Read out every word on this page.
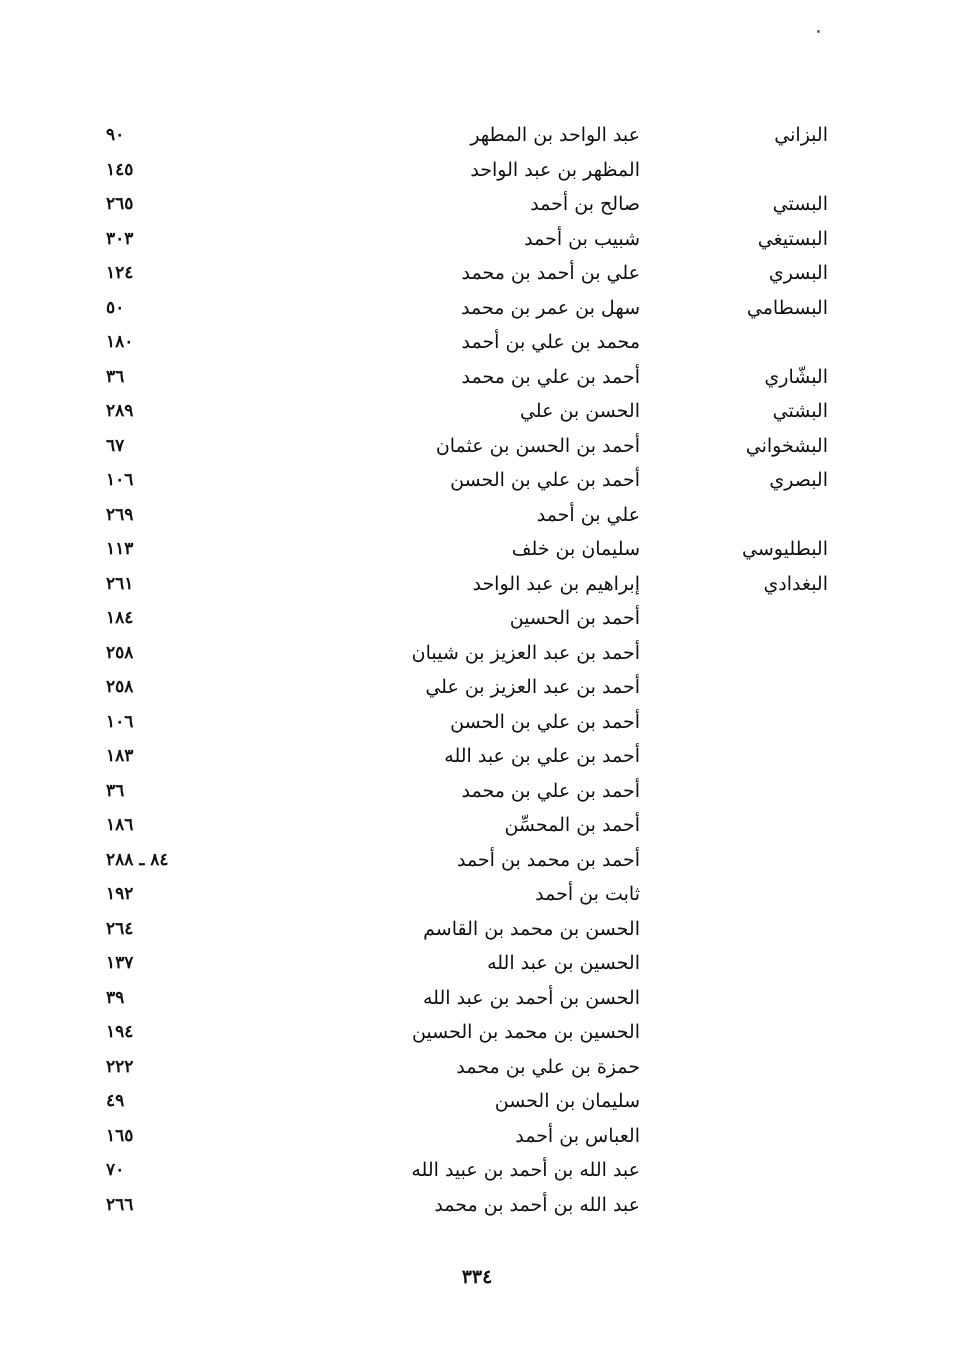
البزاني
عبد الواحد بن المطهر
٩٠
المظهر بن عبد الواحد
١٤٥
البستي
صالح بن أحمد
٢٦٥
البستيغي
شبيب بن أحمد
٣٠٣
البسري
علي بن أحمد بن محمد
١٢٤
البسطامي
سهل بن عمر بن محمد
٥٠
محمد بن علي بن أحمد
١٨٠
البشّاري
أحمد بن علي بن محمد
٣٦
البشتي
الحسن بن علي
٢٨٩
البشخواني
أحمد بن الحسن بن عثمان
٦٧
البصري
أحمد بن علي بن الحسن
١٠٦
علي بن أحمد
٢٦٩
البطليوسي
سليمان بن خلف
١١٣
البغدادي
إبراهيم بن عبد الواحد
٢٦١
أحمد بن الحسين
١٨٤
أحمد بن عبد العزيز بن شيبان
٢٥٨
أحمد بن عبد العزيز بن علي
٢٥٨
أحمد بن علي بن الحسن
١٠٦
أحمد بن علي بن عبد الله
١٨٣
أحمد بن علي بن محمد
٣٦
أحمد بن المحسِّن
١٨٦
أحمد بن محمد بن أحمد
٨٤ ـ ٢٨٨
ثابت بن أحمد
١٩٢
الحسن بن محمد بن القاسم
٢٦٤
الحسين بن عبد الله
١٣٧
الحسن بن أحمد بن عبد الله
٣٩
الحسين بن محمد بن الحسين
١٩٤
حمزة بن علي بن محمد
٢٢٢
سليمان بن الحسن
٤٩
العباس بن أحمد
١٦٥
عبد الله بن أحمد بن عبيد الله
٧٠
عبد الله بن أحمد بن محمد
٢٦٦
٣٣٤
